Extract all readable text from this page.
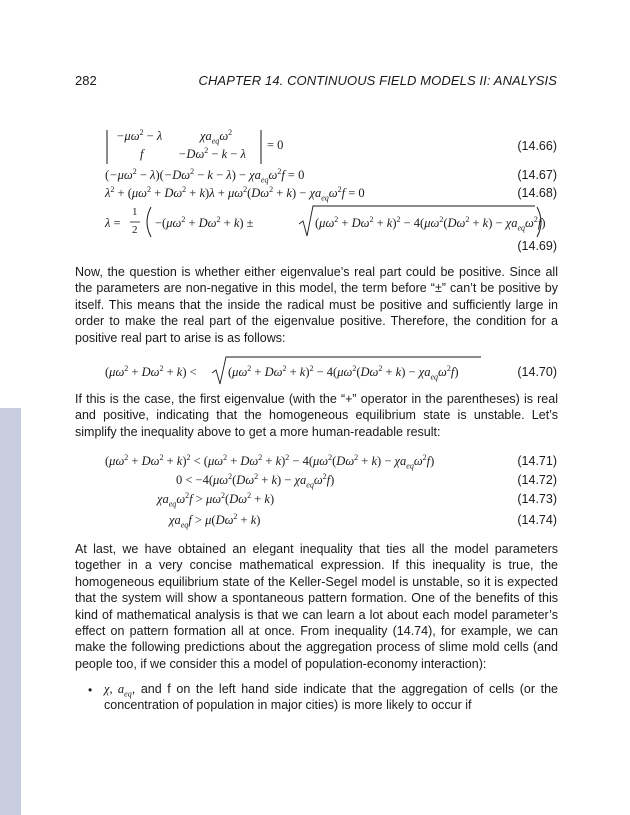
282	CHAPTER 14. CONTINUOUS FIELD MODELS II: ANALYSIS
$-\mu\omega^2 - \lambda$	$\chi a_{eq}\omega^2$
f	$-D\omega^2 - k - \lambda$
= 0	(14.66)
$(-\mu\omega^2 - \lambda)(-D\omega^2 - k - \lambda) - \chi a_{eq}\omega^2f = 0$	(14.67)
$\lambda^2 + (\mu\omega^2 + D\omega^2 + k)\lambda + \mu\omega^2(D\omega^2 + k) - \chi a_{eq}\omega^2f = 0$	(14.68)
λ =
1
$2 -(\mu\omega^2 + D\omega^2 + k)$ ±	$(\mu\omega^2 + D\omega^2 + k)^2 - 4(\mu\omega^2(D\omega^2 + k) - \chi a_{eq}\omega^2f)$
(14.69)

Now, the question is whether either eigenvalue’s real part could be positive. Since all the parameters are non-negative in this model, the term before “±” can’t be positive by itself. This means that the inside the radical must be positive and sufficiently large in order to make the real part of the eigenvalue positive. Therefore, the condition for a positive real part to arise is as follows:

$(\mu\omega^2 + D\omega^2 + k)$ <	$(\mu\omega^2 + D\omega^2 + k)^2 - 4(\mu\omega^2(D\omega^2 + k) - \chi a_{eq}\omega^2f)$	(14.70)

If this is the case, the first eigenvalue (with the “+” operator in the parentheses) is real and positive, indicating that the homogeneous equilibrium state is unstable. Let’s simplify the inequality above to get a more human-readable result:

$(\mu\omega^2 + D\omega^2 + k)^2 < (\mu\omega^2 + D\omega^2 + k)^2 - 4(\mu\omega^2(D\omega^2 + k) - \chi a_{eq}\omega^2f)$	(14.71)
$0 < -4(\mu\omega^2(D\omega^2 + k) - \chi a_{eq}\omega^2f)$	(14.72)
$\chi a_{eq}\omega^2f > \mu\omega^2(D\omega^2 + k)$	(14.73)
$\chi a_{eq}f > \mu(D\omega^2 + k)$	(14.74)

At last, we have obtained an elegant inequality that ties all the model parameters together in a very concise mathematical expression. If this inequality is true, the homogeneous equilibrium state of the Keller-Segel model is unstable, so it is expected that the system will show a spontaneous pattern formation. One of the benefits of this kind of mathematical analysis is that we can learn a lot about each model parameter’s effect on pattern formation all at once. From inequality (14.74), for example, we can make the following predictions about the aggregation process of slime mold cells (and people too, if we consider this a model of population-economy interaction):

• χ, $a_{eq}$, and f on the left hand side indicate that the aggregation of cells (or the concentration of population in major cities) is more likely to occur if
